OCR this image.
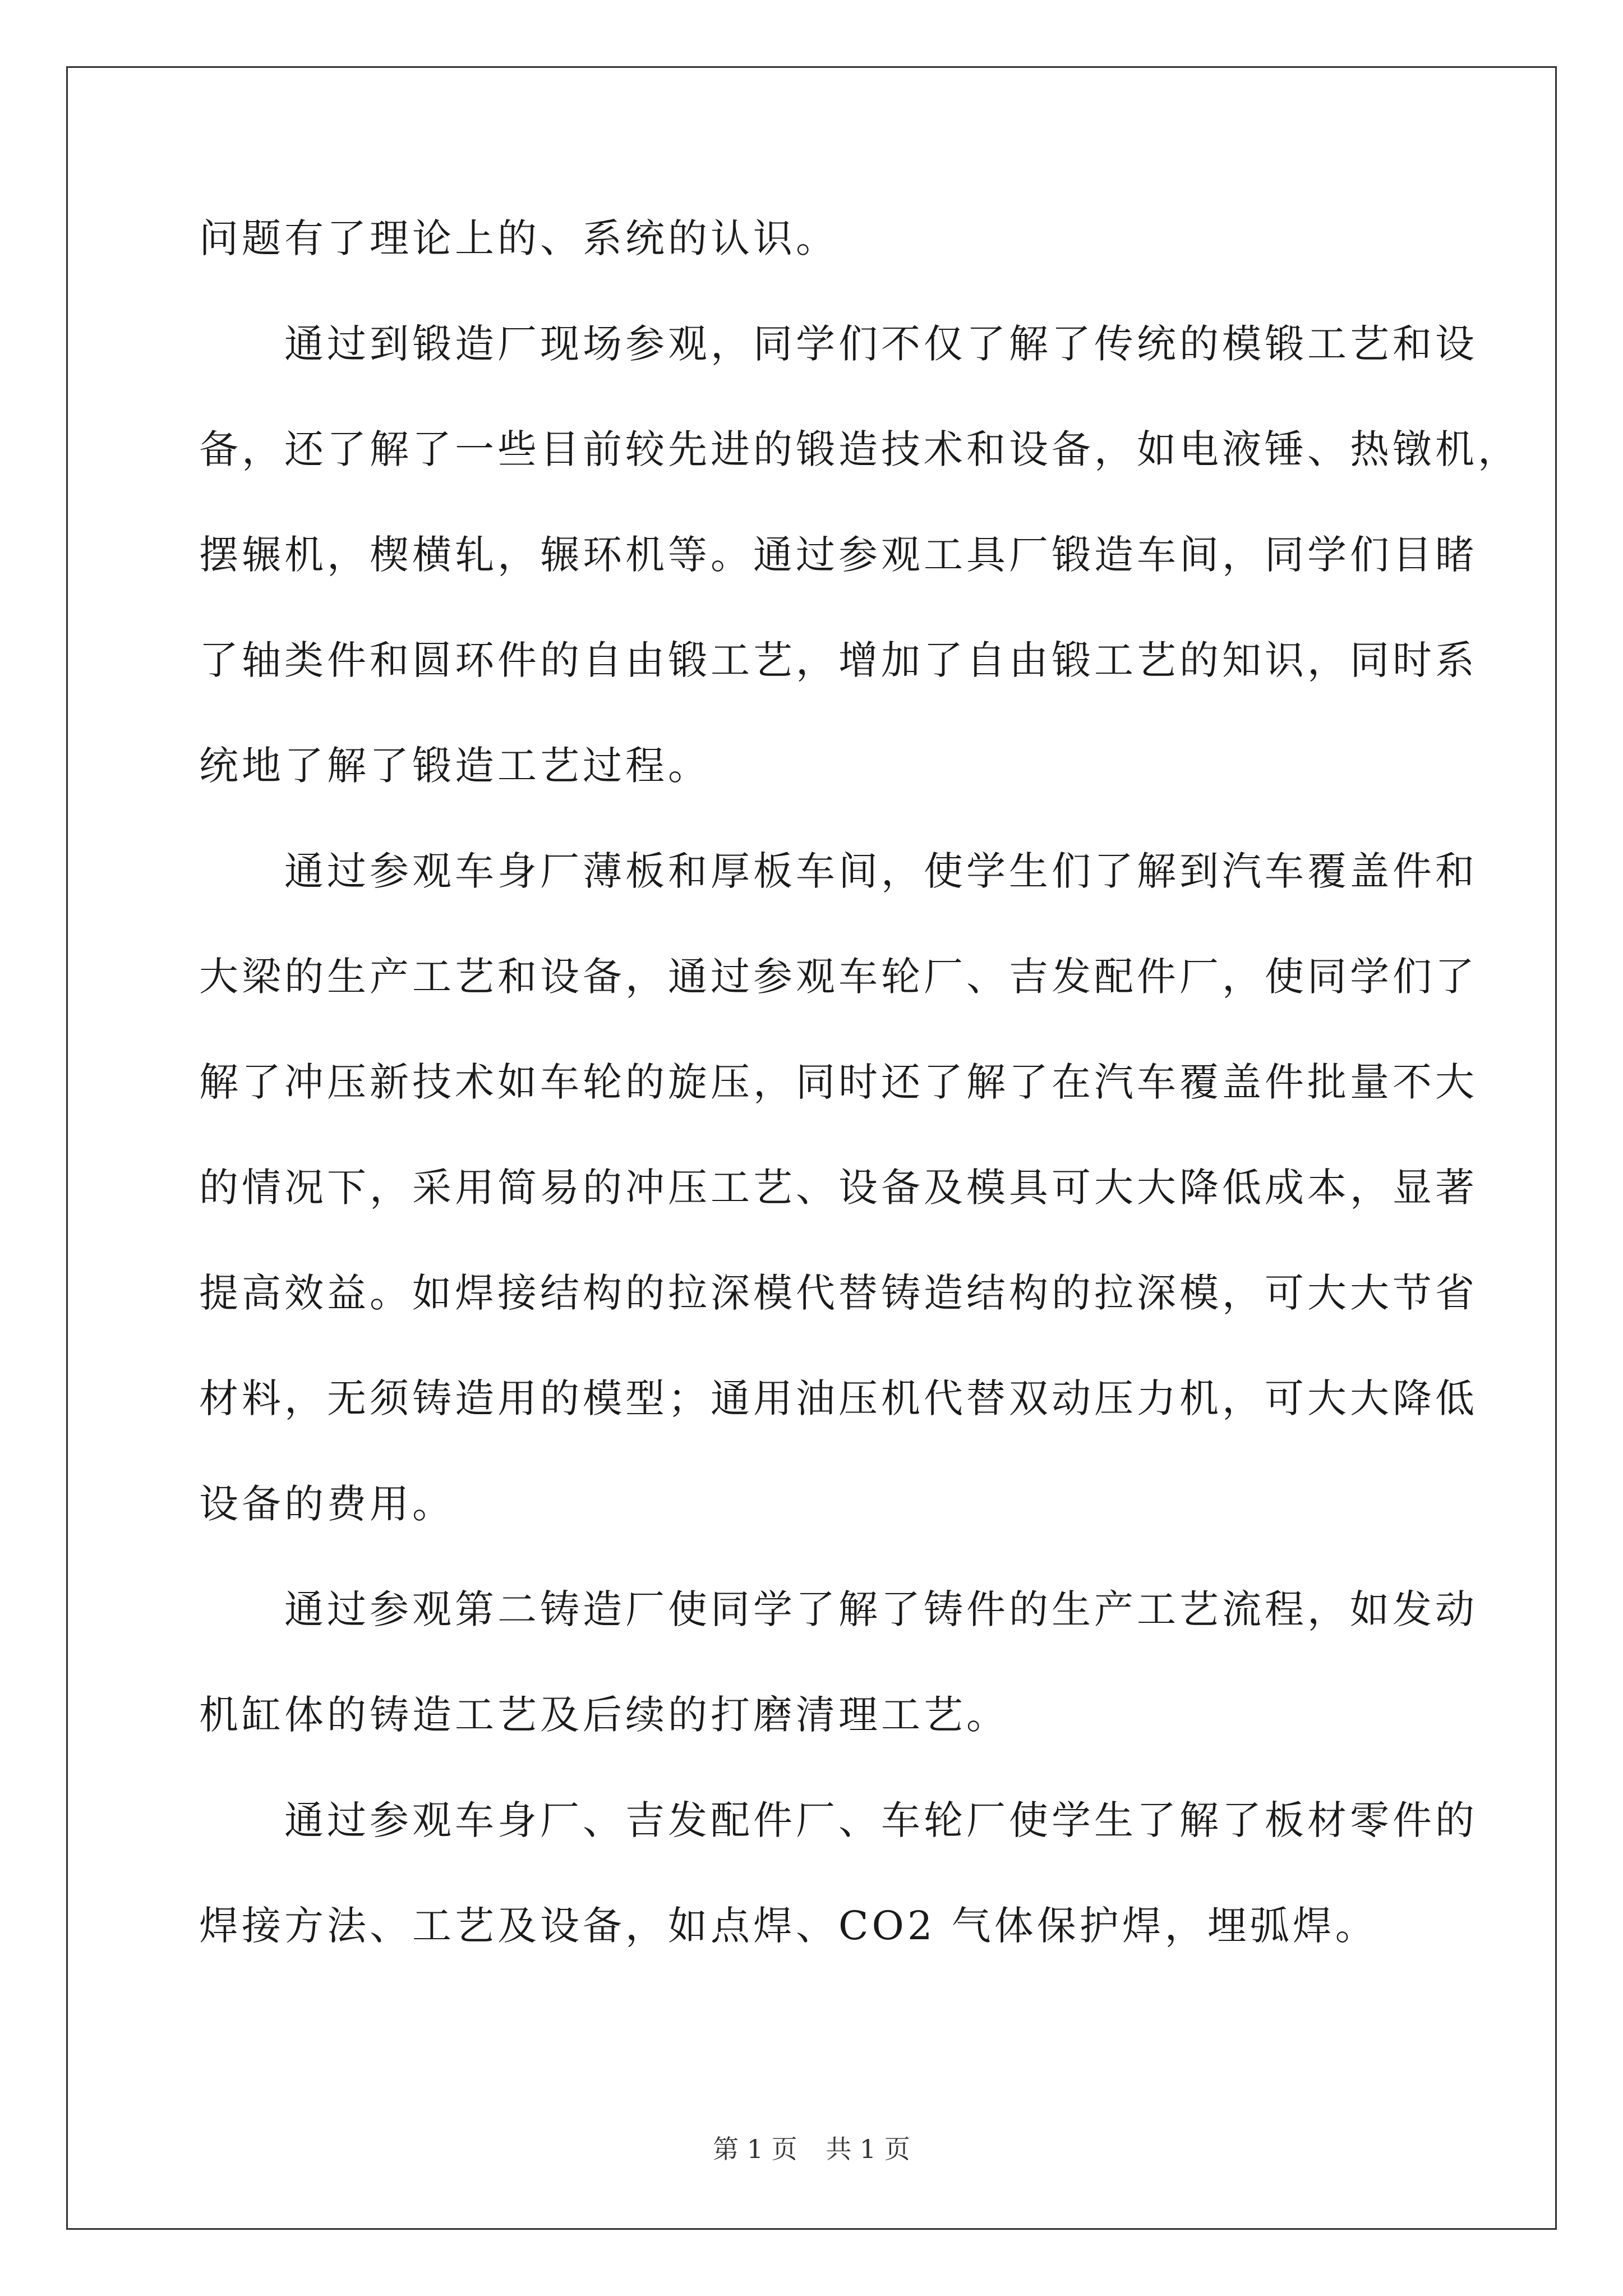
问题有了理论上的、系统的认识。
　　通过到锻造厂现场参观，同学们不仅了解了传统的模锻工艺和设
备，还了解了一些目前较先进的锻造技术和设备，如电液锤、热镦机，
摆辗机，楔横轧，辗环机等。通过参观工具厂锻造车间，同学们目睹
了轴类件和圆环件的自由锻工艺，增加了自由锻工艺的知识，同时系
统地了解了锻造工艺过程。
　　通过参观车身厂薄板和厚板车间，使学生们了解到汽车覆盖件和
大梁的生产工艺和设备，通过参观车轮厂、吉发配件厂，使同学们了
解了冲压新技术如车轮的旋压，同时还了解了在汽车覆盖件批量不大
的情况下，采用简易的冲压工艺、设备及模具可大大降低成本，显著
提高效益。如焊接结构的拉深模代替铸造结构的拉深模，可大大节省
材料，无须铸造用的模型；通用油压机代替双动压力机，可大大降低
设备的费用。
　　通过参观第二铸造厂使同学了解了铸件的生产工艺流程，如发动
机缸体的铸造工艺及后续的打磨清理工艺。
　　通过参观车身厂、吉发配件厂、车轮厂使学生了解了板材零件的
焊接方法、工艺及设备，如点焊、CO2 气体保护焊，埋弧焊。
第 1 页 共 1 页
